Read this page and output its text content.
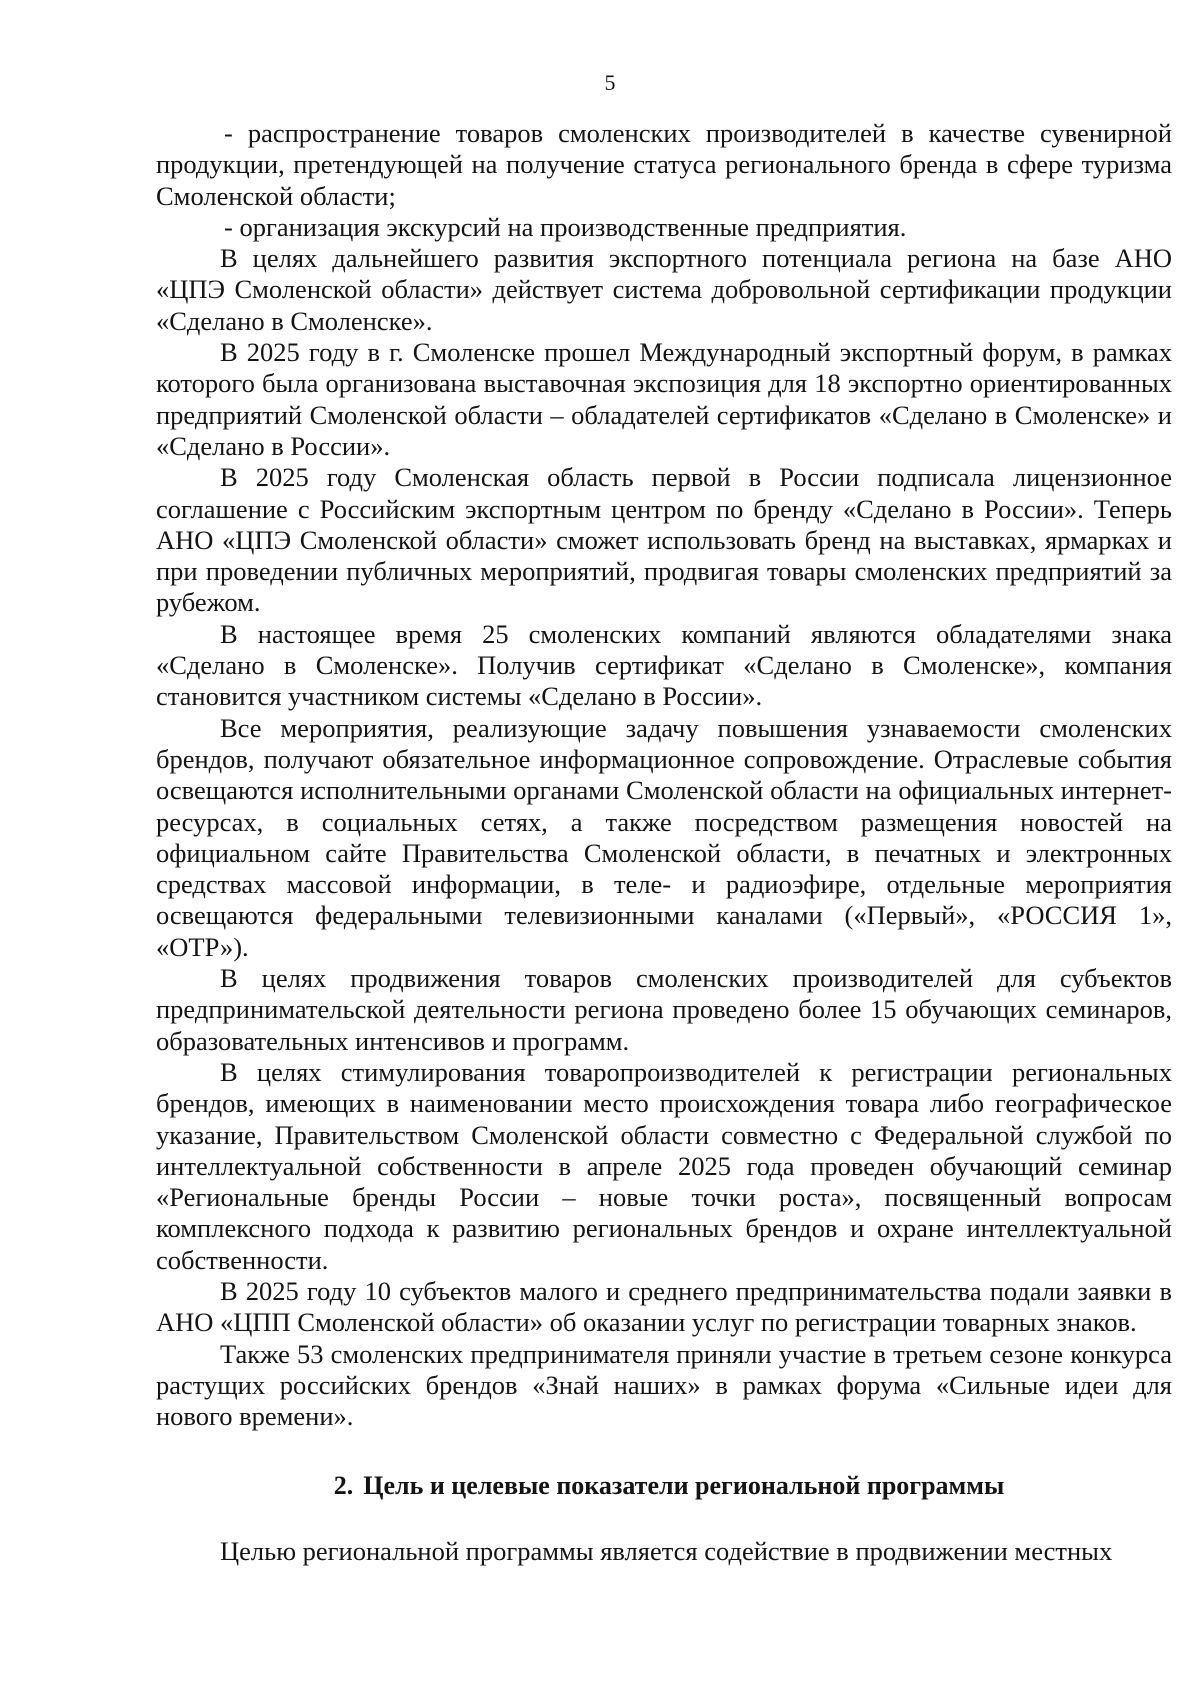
5

- распространение товаров смоленских производителей в качестве сувенирной продукции, претендующей на получение статуса регионального бренда в сфере туризма Смоленской области;

- организация экскурсий на производственные предприятия.

В целях дальнейшего развития экспортного потенциала региона на базе АНО «ЦПЭ Смоленской области» действует система добровольной сертификации продукции «Сделано в Смоленске».

В 2025 году в г. Смоленске прошел Международный экспортный форум, в рамках которого была организована выставочная экспозиция для 18 экспортно ориентированных предприятий Смоленской области – обладателей сертификатов «Сделано в Смоленске» и «Сделано в России».

В 2025 году Смоленская область первой в России подписала лицензионное соглашение с Российским экспортным центром по бренду «Сделано в России». Теперь АНО «ЦПЭ Смоленской области» сможет использовать бренд на выставках, ярмарках и при проведении публичных мероприятий, продвигая товары смоленских предприятий за рубежом.

В настоящее время 25 смоленских компаний являются обладателями знака «Сделано в Смоленске». Получив сертификат «Сделано в Смоленске», компания становится участником системы «Сделано в России».

Все мероприятия, реализующие задачу повышения узнаваемости смоленских брендов, получают обязательное информационное сопровождение. Отраслевые события освещаются исполнительными органами Смоленской области на официальных интернет-ресурсах, в социальных сетях, а также посредством размещения новостей на официальном сайте Правительства Смоленской области, в печатных и электронных средствах массовой информации, в теле- и радиоэфире, отдельные мероприятия освещаются федеральными телевизионными каналами («Первый», «РОССИЯ 1», «ОТР»).

В целях продвижения товаров смоленских производителей для субъектов предпринимательской деятельности региона проведено более 15 обучающих семинаров, образовательных интенсивов и программ.

В целях стимулирования товаропроизводителей к регистрации региональных брендов, имеющих в наименовании место происхождения товара либо географическое указание, Правительством Смоленской области совместно с Федеральной службой по интеллектуальной собственности в апреле 2025 года проведен обучающий семинар «Региональные бренды России – новые точки роста», посвященный вопросам комплексного подхода к развитию региональных брендов и охране интеллектуальной собственности.

В 2025 году 10 субъектов малого и среднего предпринимательства подали заявки в АНО «ЦПП Смоленской области» об оказании услуг по регистрации товарных знаков.

Также 53 смоленских предпринимателя приняли участие в третьем сезоне конкурса растущих российских брендов «Знай наших» в рамках форума «Сильные идеи для нового времени».

2. Цель и целевые показатели региональной программы

Целью региональной программы является содействие в продвижении местных
